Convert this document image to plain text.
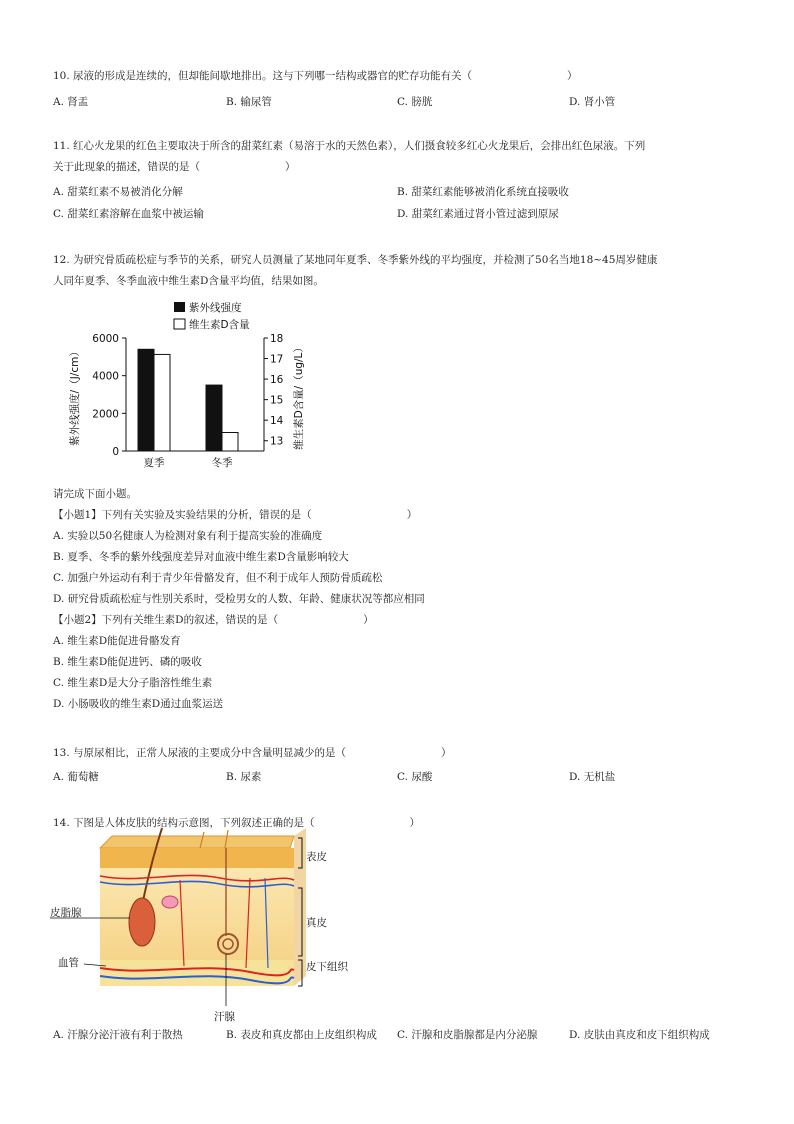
10. 尿液的形成是连续的，但却能间歇地排出。这与下列哪一结构或器官的贮存功能有关（	）
A. 肾盂	B. 输尿管	C. 膀胱	D. 肾小管
11. 红心火龙果的红色主要取决于所含的甜菜红素（易溶于水的天然色素），人们摄食较多红心火龙果后，会排出红色尿液。下列
关于此现象的描述，错误的是（	）
A. 甜菜红素不易被消化分解	B. 甜菜红素能够被消化系统直接吸收
C. 甜菜红素溶解在血浆中被运输	D. 甜菜红素通过肾小管过滤到原尿
12. 为研究骨质疏松症与季节的关系，研究人员测量了某地同年夏季、冬季紫外线的平均强度，并检测了50名当地18~45周岁健康
人同年夏季、冬季血液中维生素D含量平均值，结果如图。
紫外线强度
维生素D含量
0
2000
4000
6000
13
14
15
16
17
18
夏季	冬季
紫外线强度/（J/cm）	维生素D含量/（ug/L）
请完成下面小题。
【小题1】下列有关实验及实验结果的分析，错误的是（	）
A. 实验以50名健康人为检测对象有利于提高实验的准确度
B. 夏季、冬季的紫外线强度差异对血液中维生素D含量影响较大
C. 加强户外运动有利于青少年骨骼发育，但不利于成年人预防骨质疏松
D. 研究骨质疏松症与性别关系时，受检男女的人数、年龄、健康状况等都应相同
【小题2】下列有关维生素D的叙述，错误的是（	）
A. 维生素D能促进骨骼发育
B. 维生素D能促进钙、磷的吸收
C. 维生素D是大分子脂溶性维生素
D. 小肠吸收的维生素D通过血浆运送
13. 与原尿相比，正常人尿液的主要成分中含量明显减少的是（	）
A. 葡萄糖	B. 尿素	C. 尿酸	D. 无机盐
14. 下图是人体皮肤的结构示意图，下列叙述正确的是（	）
表皮
真皮
皮下组织
皮脂腺
血管
汗腺
A. 汗腺分泌汗液有利于散热	B. 表皮和真皮都由上皮组织构成 C. 汗腺和皮脂腺都是内分泌腺	D. 皮肤由真皮和皮下组织构成
